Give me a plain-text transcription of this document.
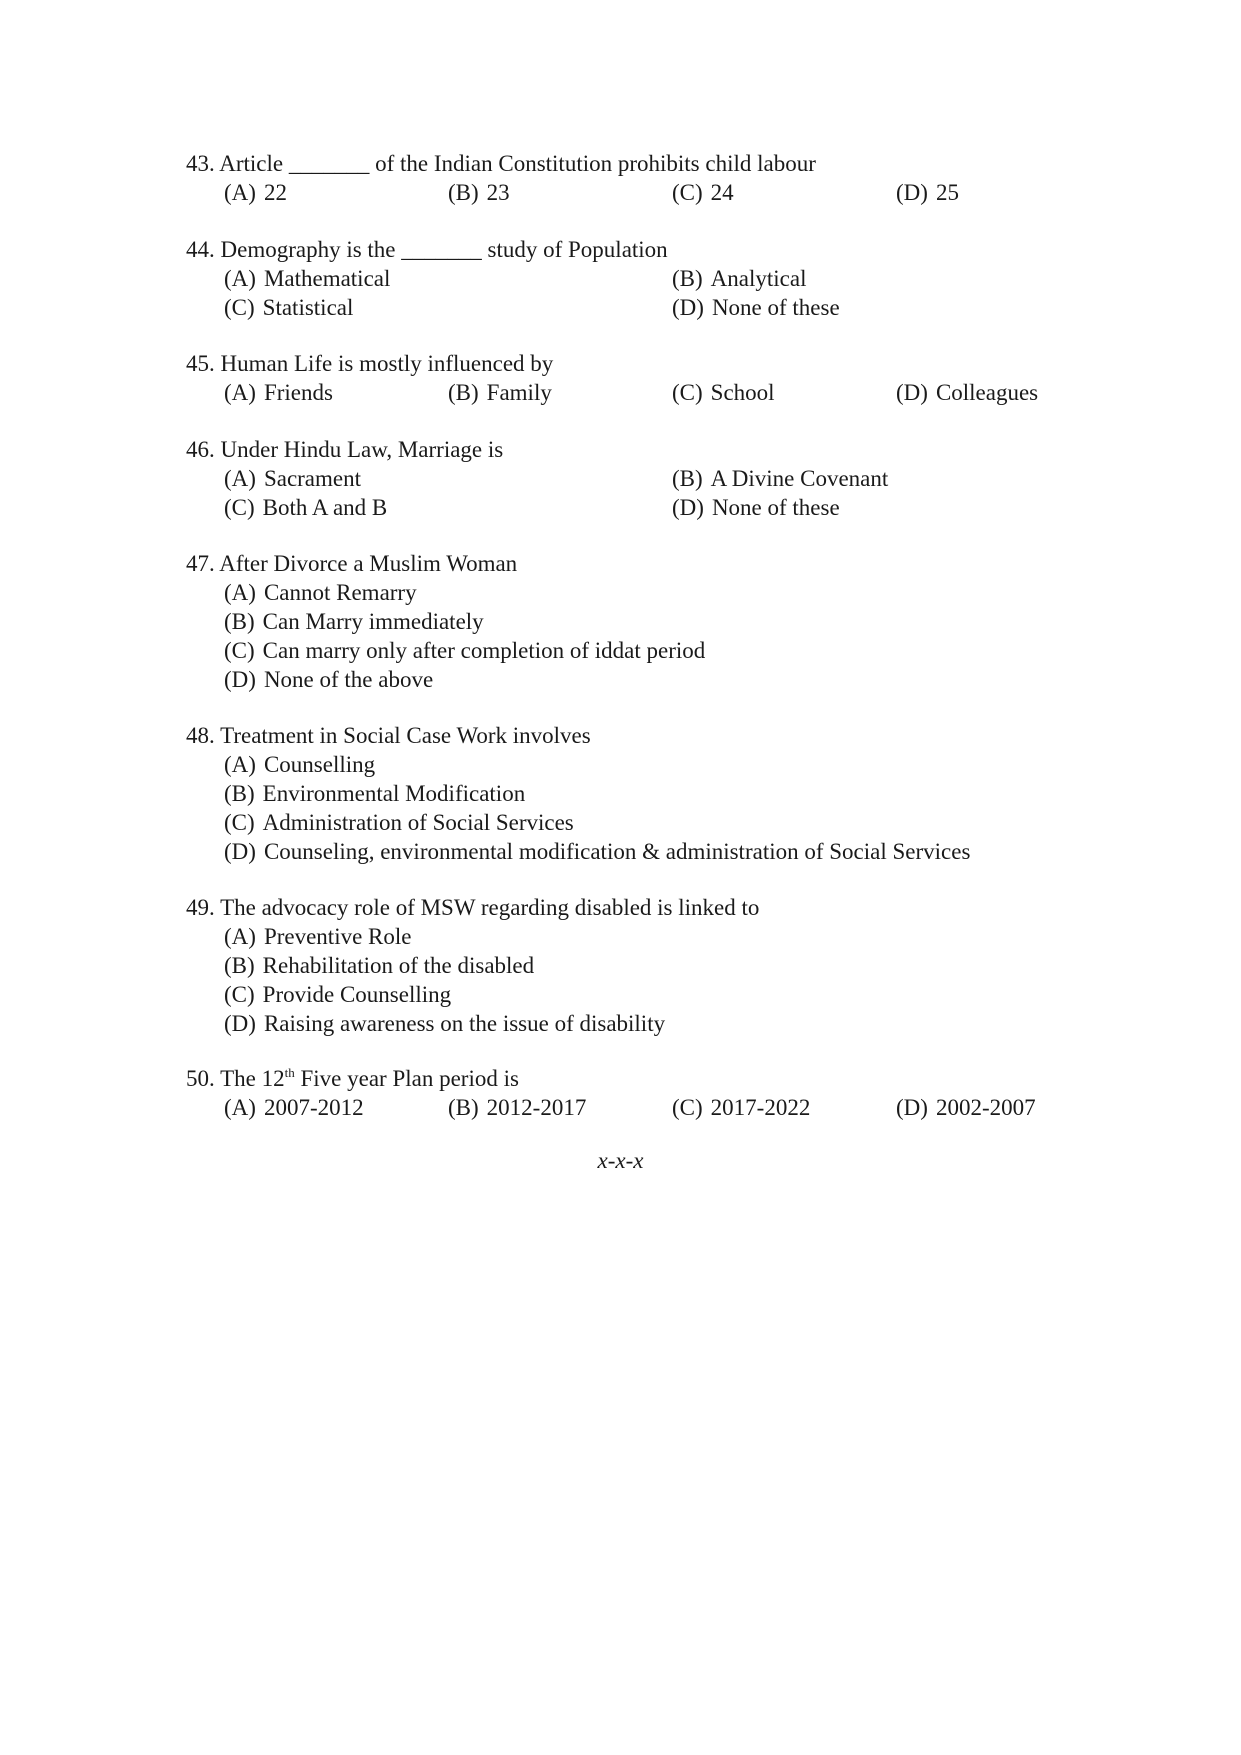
43. Article _______ of the Indian Constitution prohibits child labour
(A) 22	(B) 23	(C) 24	(D) 25
44. Demography is the _______ study of Population
(A) Mathematical	(B) Analytical
(C) Statistical	(D) None of these
45. Human Life is mostly influenced by
(A) Friends	(B) Family	(C) School	(D) Colleagues
46. Under Hindu Law, Marriage is
(A) Sacrament	(B) A Divine Covenant
(C) Both A and B	(D) None of these
47. After Divorce a Muslim Woman
(A) Cannot Remarry
(B) Can Marry immediately
(C) Can marry only after completion of iddat period
(D) None of the above
48. Treatment in Social Case Work involves
(A) Counselling
(B) Environmental Modification
(C) Administration of Social Services
(D) Counseling, environmental modification & administration of Social Services
49. The advocacy role of MSW regarding disabled is linked to
(A) Preventive Role
(B) Rehabilitation of the disabled
(C) Provide Counselling
(D) Raising awareness on the issue of disability
50. The 12th Five year Plan period is
(A) 2007-2012	(B) 2012-2017	(C) 2017-2022	(D) 2002-2007
x-x-x
